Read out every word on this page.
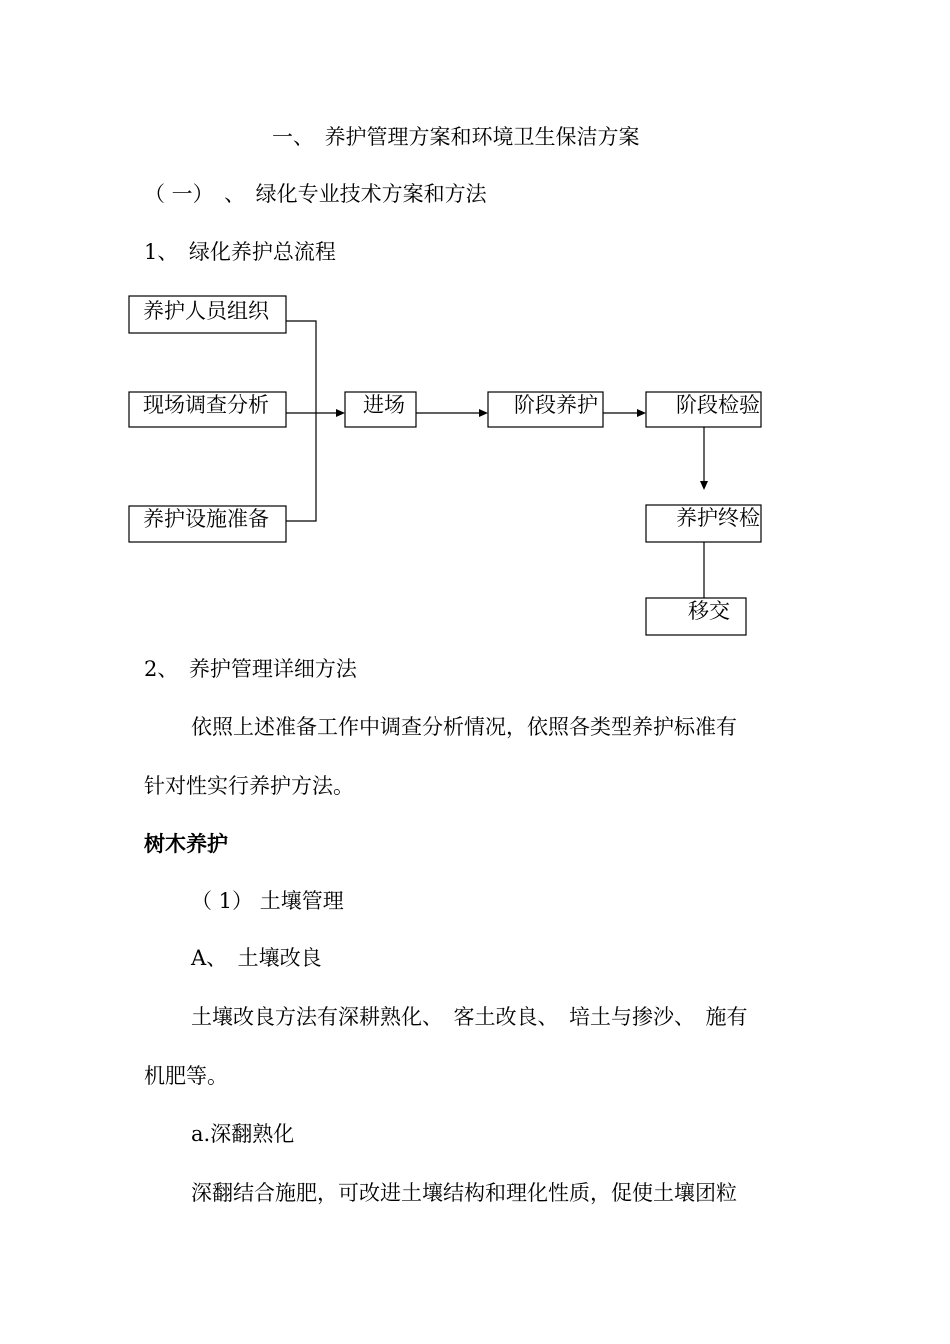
一、　养护管理方案和环境卫生保洁方案
（ 一）　、　绿化专业技术方案和方法
1、　绿化养护总流程
养护人员组织
现场调查分析
养护设施准备
进场	阶段养护	阶段检验
养护终检
移交
2、　养护管理详细方法
依照上述准备工作中调查分析情况，依照各类型养护标准有
针对性实行养护方法。
树木养护
（ 1） 土壤管理
A、　土壤改良
土壤改良方法有深耕熟化、　客土改良、　培土与掺沙、　施有
机肥等。
a.深翻熟化
深翻结合施肥，可改进土壤结构和理化性质，促使土壤团粒
